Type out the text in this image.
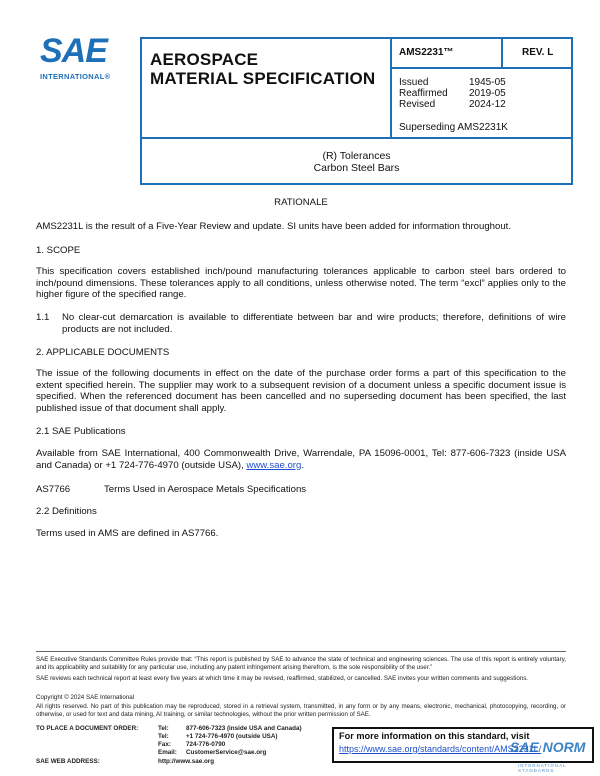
SAE
INTERNATIONAL®
AEROSPACE
MATERIAL SPECIFICATION
AMS2231™	REV. L
Issued	1945-05
Reaffirmed 2019-05
Revised	2024-12
Superseding AMS2231K
(R) Tolerances
Carbon Steel Bars
RATIONALE
AMS2231L is the result of a Five-Year Review and update. SI units have been added for information throughout.
1. SCOPE
This specification covers established inch/pound manufacturing tolerances applicable to carbon steel bars ordered to inch/pound dimensions. These tolerances apply to all conditions, unless otherwise noted. The term “excl” applies only to the higher figure of the specified range.
1.1 No clear-cut demarcation is available to differentiate between bar and wire products; therefore, definitions of wire products are not included.
2. APPLICABLE DOCUMENTS
The issue of the following documents in effect on the date of the purchase order forms a part of this specification to the extent specified herein. The supplier may work to a subsequent revision of a document unless a specific document issue is specified. When the referenced document has been cancelled and no superseding document has been specified, the last published issue of that document shall apply.
2.1 SAE Publications
Available from SAE International, 400 Commonwealth Drive, Warrendale, PA 15096-0001, Tel: 877-606-7323 (inside USA and Canada) or +1 724-776-4970 (outside USA), www.sae.org.
AS7766	Terms Used in Aerospace Metals Specifications
2.2 Definitions
Terms used in AMS are defined in AS7766.
SAE Executive Standards Committee Rules provide that: “This report is published by SAE to advance the state of technical and engineering sciences. The use of this report is entirely voluntary, and its applicability and suitability for any particular use, including any patent infringement arising therefrom, is the sole responsibility of the user.”
SAE reviews each technical report at least every five years at which time it may be revised, reaffirmed, stabilized, or cancelled. SAE invites your written comments and suggestions.
Copyright © 2024 SAE International
All rights reserved. No part of this publication may be reproduced, stored in a retrieval system, transmitted, in any form or by any means, electronic, mechanical, photocopying, recording, or otherwise, or used for text and data mining, AI training, or similar technologies, without the prior written permission of SAE.
TO PLACE A DOCUMENT ORDER:	Tel:	877-606-7323 (inside USA and Canada)
Tel:	+1 724-776-4970 (outside USA)
Fax: 724-776-0790
Email: CustomerService@sae.org
SAE WEB ADDRESS:	http://www.sae.org
For more information on this standard, visit
https://www.sae.org/standards/content/AMS2231L/
SAE NORM
INTERNATIONAL STANDARDS
